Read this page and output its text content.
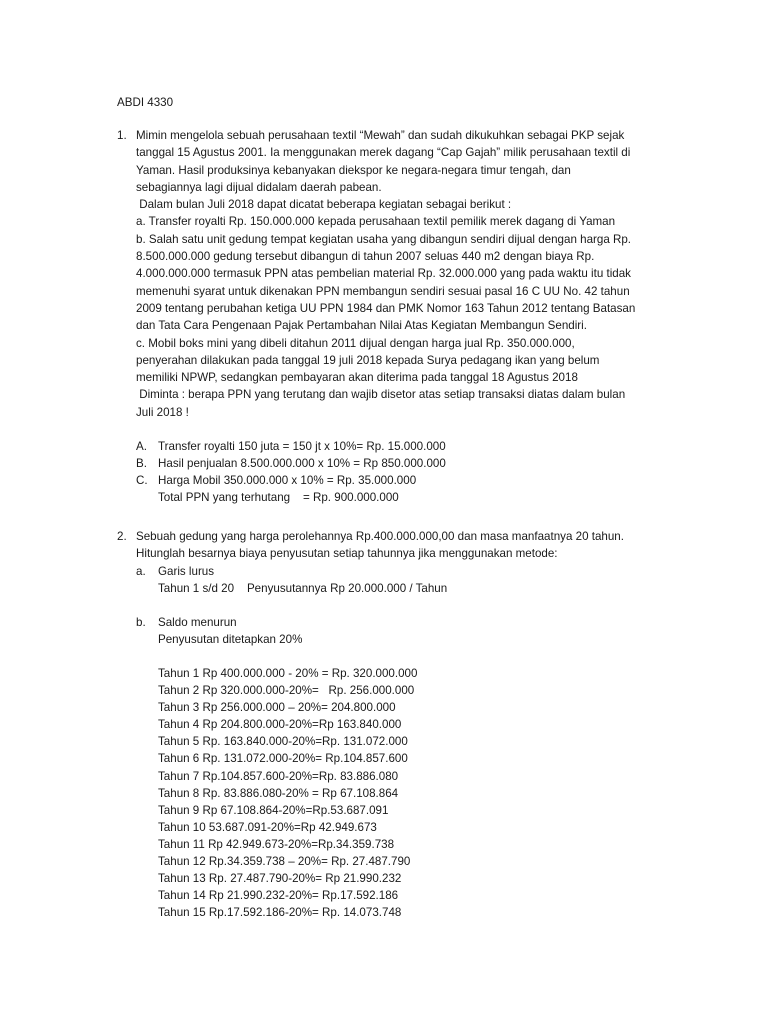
ABDI 4330
1. Mimin mengelola sebuah perusahaan textil “Mewah” dan sudah dikukuhkan sebagai PKP sejak
tanggal 15 Agustus 2001. Ia menggunakan merek dagang “Cap Gajah” milik perusahaan textil di
Yaman. Hasil produksinya kebanyakan diekspor ke negara-negara timur tengah, dan
sebagiannya lagi dijual didalam daerah pabean.
Dalam bulan Juli 2018 dapat dicatat beberapa kegiatan sebagai berikut :
a. Transfer royalti Rp. 150.000.000 kepada perusahaan textil pemilik merek dagang di Yaman
b. Salah satu unit gedung tempat kegiatan usaha yang dibangun sendiri dijual dengan harga Rp.
8.500.000.000 gedung tersebut dibangun di tahun 2007 seluas 440 m2 dengan biaya Rp.
4.000.000.000 termasuk PPN atas pembelian material Rp. 32.000.000 yang pada waktu itu tidak
memenuhi syarat untuk dikenakan PPN membangun sendiri sesuai pasal 16 C UU No. 42 tahun
2009 tentang perubahan ketiga UU PPN 1984 dan PMK Nomor 163 Tahun 2012 tentang Batasan
dan Tata Cara Pengenaan Pajak Pertambahan Nilai Atas Kegiatan Membangun Sendiri.
c. Mobil boks mini yang dibeli ditahun 2011 dijual dengan harga jual Rp. 350.000.000,
penyerahan dilakukan pada tanggal 19 juli 2018 kepada Surya pedagang ikan yang belum
memiliki NPWP, sedangkan pembayaran akan diterima pada tanggal 18 Agustus 2018
Diminta : berapa PPN yang terutang dan wajib disetor atas setiap transaksi diatas dalam bulan
Juli 2018 !
A. Transfer royalti 150 juta = 150 jt x 10%= Rp. 15.000.000
B. Hasil penjualan 8.500.000.000 x 10% = Rp 850.000.000
C. Harga Mobil 350.000.000 x 10% = Rp. 35.000.000
Total PPN yang terhutang = Rp. 900.000.000
2. Sebuah gedung yang harga perolehannya Rp.400.000.000,00 dan masa manfaatnya 20 tahun.
Hitunglah besarnya biaya penyusutan setiap tahunnya jika menggunakan metode:
a.	Garis lurus
Tahun 1 s/d 20    Penyusutannya Rp 20.000.000 / Tahun
b.	Saldo menurun
Penyusutan ditetapkan 20%
Tahun 1 Rp 400.000.000 - 20% = Rp. 320.000.000
Tahun 2 Rp 320.000.000-20%=   Rp. 256.000.000
Tahun 3 Rp 256.000.000 – 20%= 204.800.000
Tahun 4 Rp 204.800.000-20%=Rp 163.840.000
Tahun 5 Rp. 163.840.000-20%=Rp. 131.072.000
Tahun 6 Rp. 131.072.000-20%= Rp.104.857.600
Tahun 7 Rp.104.857.600-20%=Rp. 83.886.080
Tahun 8 Rp. 83.886.080-20% = Rp 67.108.864
Tahun 9 Rp 67.108.864-20%=Rp.53.687.091
Tahun 10 53.687.091-20%=Rp 42.949.673
Tahun 11 Rp 42.949.673-20%=Rp.34.359.738
Tahun 12 Rp.34.359.738 – 20%= Rp. 27.487.790
Tahun 13 Rp. 27.487.790-20%= Rp 21.990.232
Tahun 14 Rp 21.990.232-20%= Rp.17.592.186
Tahun 15 Rp.17.592.186-20%= Rp. 14.073.748
